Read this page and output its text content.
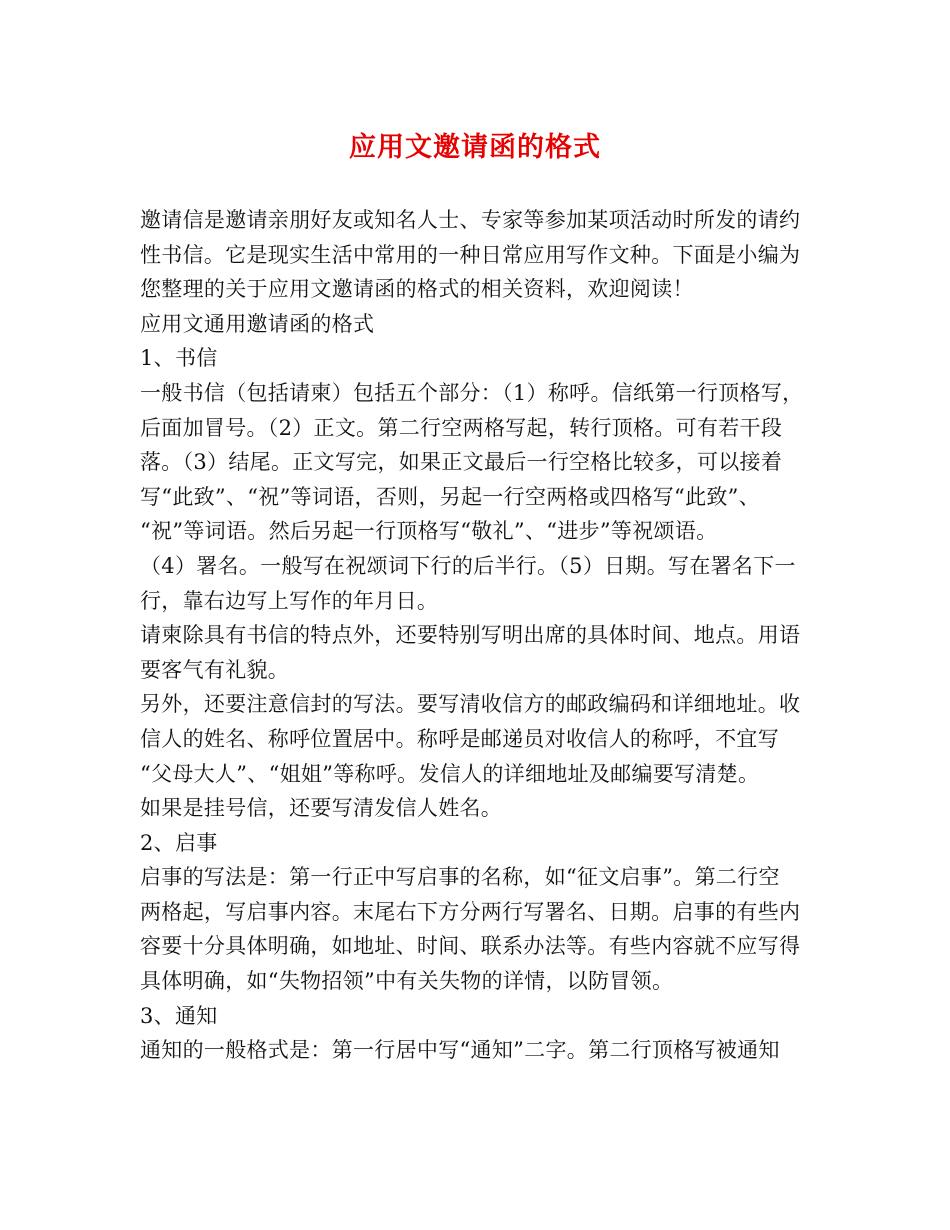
应用文邀请函的格式
邀请信是邀请亲朋好友或知名人士、专家等参加某项活动时所发的请约
性书信。它是现实生活中常用的一种日常应用写作文种。下面是小编为
您整理的关于应用文邀请函的格式的相关资料，欢迎阅读！
应用文通用邀请函的格式
1、书信
一般书信（包括请柬）包括五个部分：（1）称呼。信纸第一行顶格写，
后面加冒号。（2）正文。第二行空两格写起，转行顶格。可有若干段
落。（3）结尾。正文写完，如果正文最后一行空格比较多，可以接着
写“此致”、“祝”等词语，否则，另起一行空两格或四格写“此致”、
“祝”等词语。然后另起一行顶格写“敬礼”、“进步”等祝颂语。
（4）署名。一般写在祝颂词下行的后半行。（5）日期。写在署名下一
行，靠右边写上写作的年月日。
请柬除具有书信的特点外，还要特别写明出席的具体时间、地点。用语
要客气有礼貌。
另外，还要注意信封的写法。要写清收信方的邮政编码和详细地址。收
信人的姓名、称呼位置居中。称呼是邮递员对收信人的称呼，不宜写
“父母大人”、“姐姐”等称呼。发信人的详细地址及邮编要写清楚。
如果是挂号信，还要写清发信人姓名。
2、启事
启事的写法是：第一行正中写启事的名称，如“征文启事”。第二行空
两格起，写启事内容。末尾右下方分两行写署名、日期。启事的有些内
容要十分具体明确，如地址、时间、联系办法等。有些内容就不应写得
具体明确，如“失物招领”中有关失物的详情，以防冒领。
3、通知
通知的一般格式是：第一行居中写“通知”二字。第二行顶格写被通知
